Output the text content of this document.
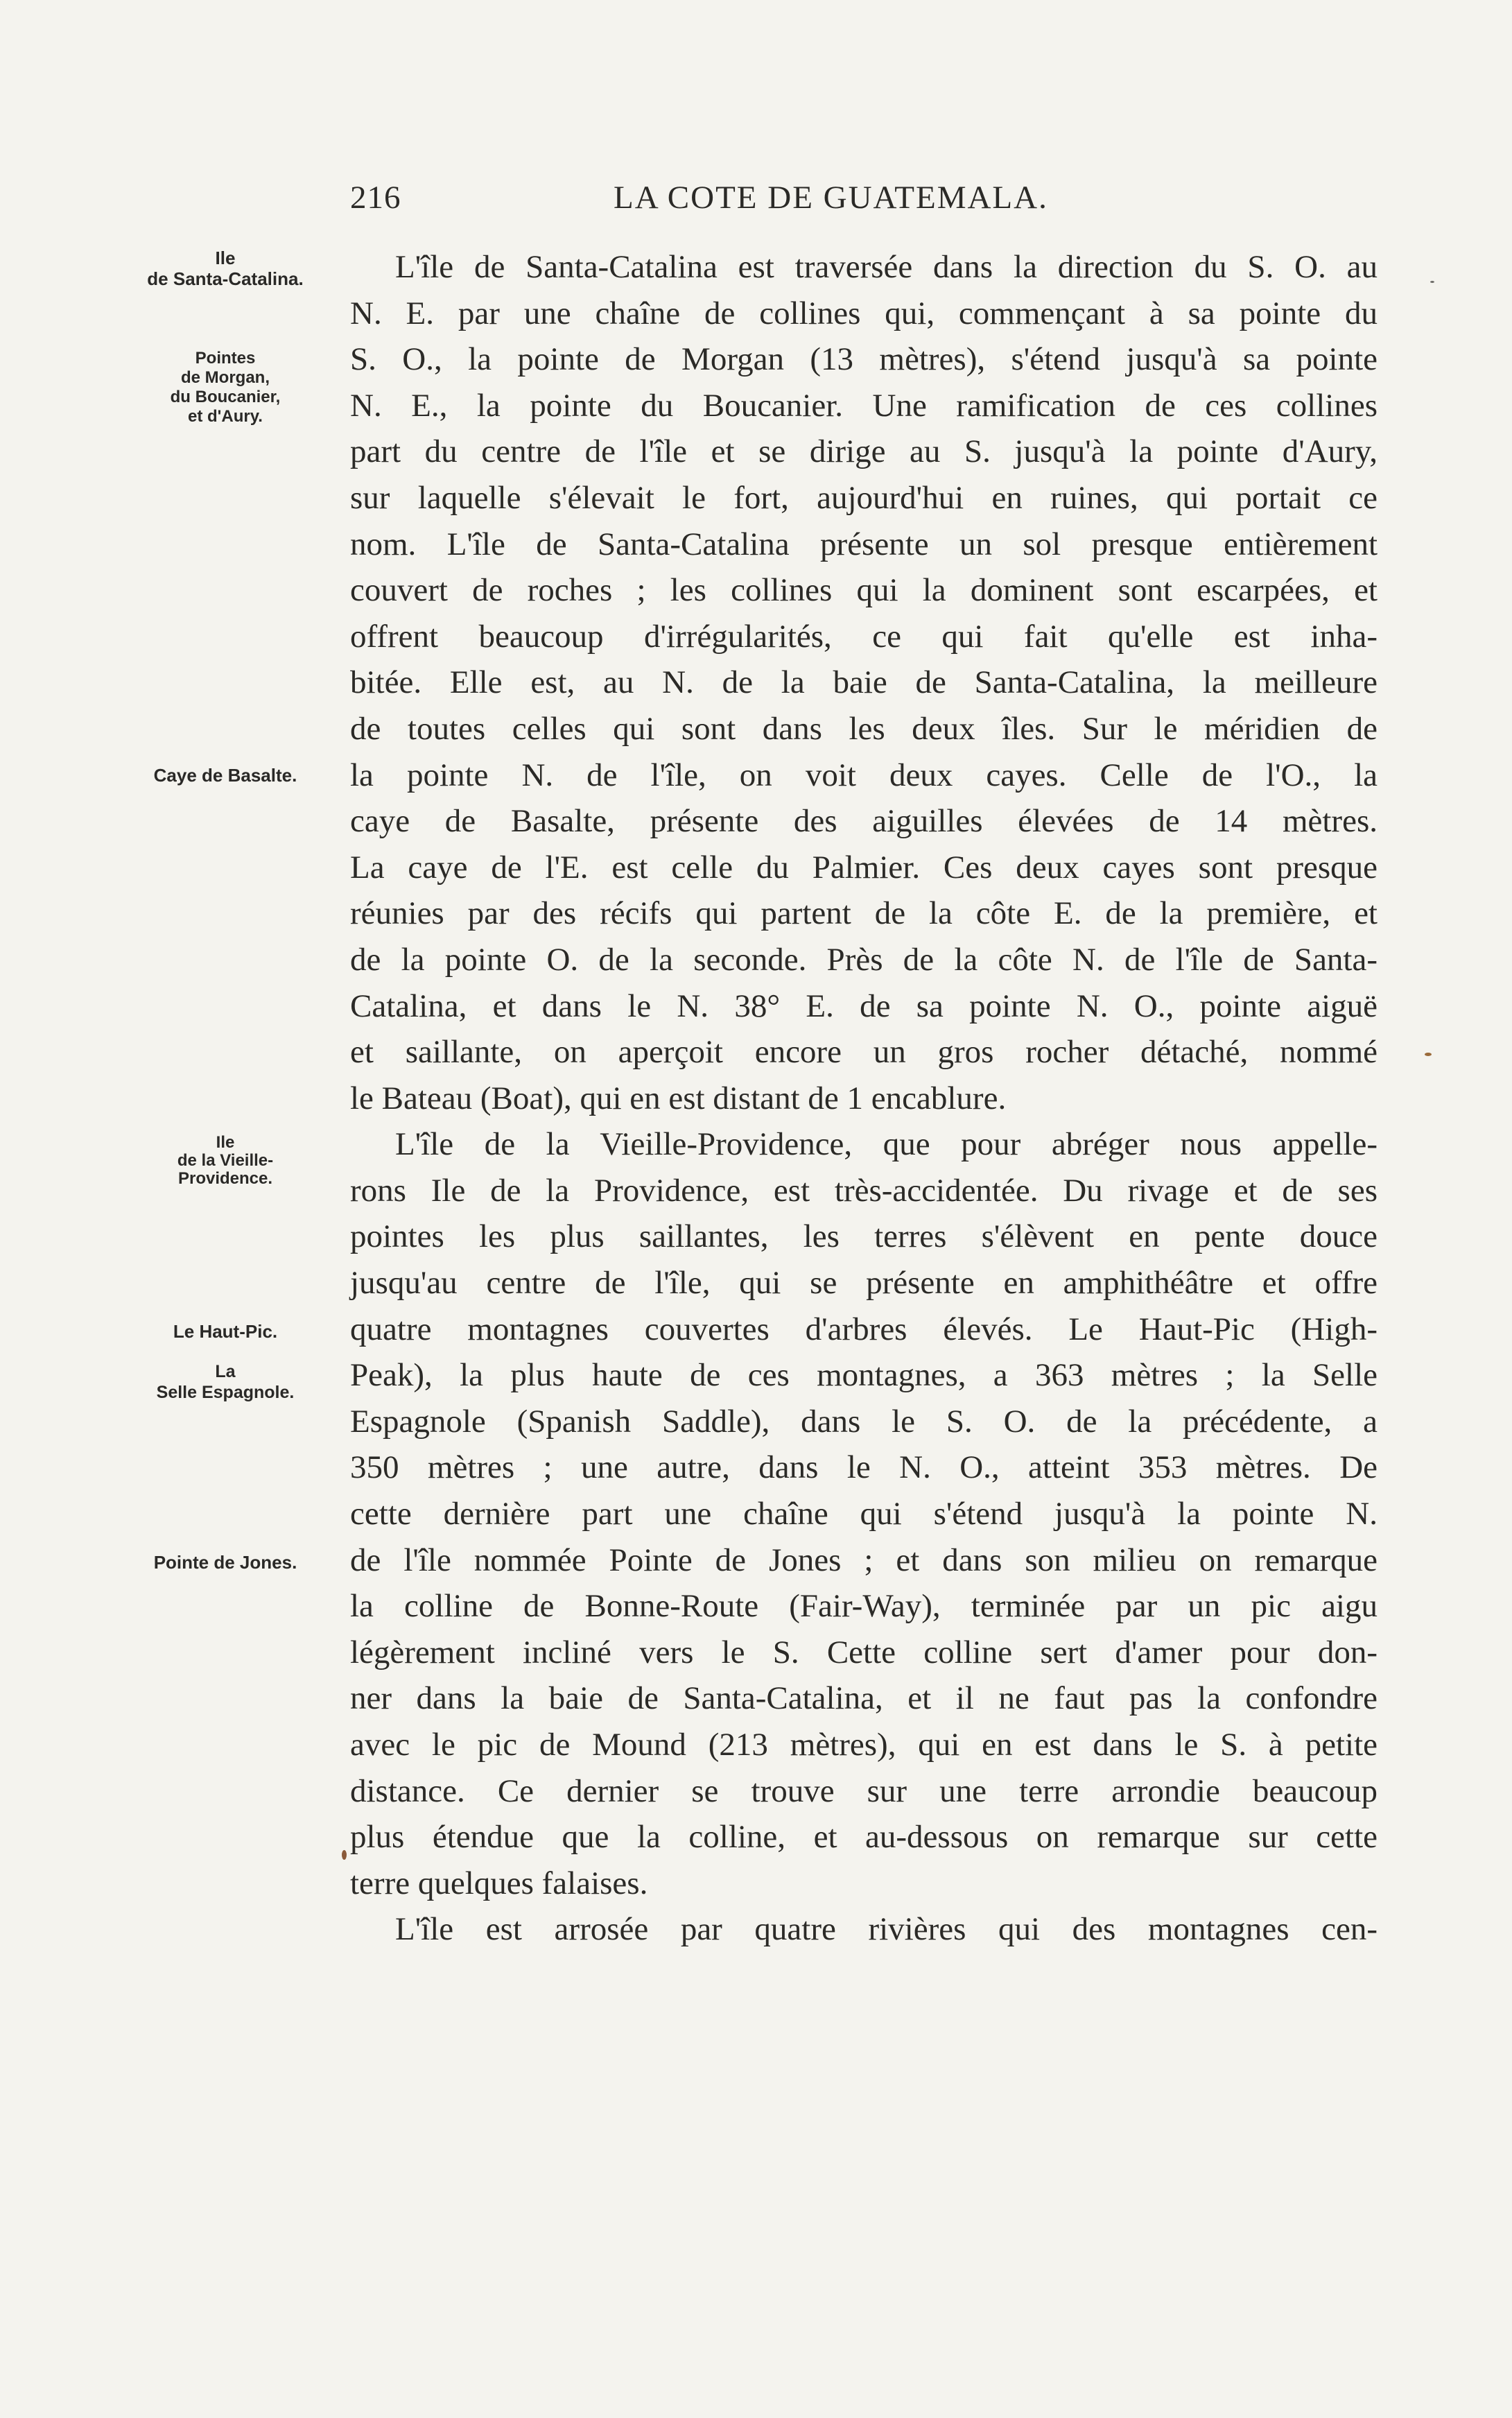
216	LA COTE DE GUATEMALA.
Ile
de Santa-Catalina.
Pointes
de Morgan,
du Boucanier,
et d'Aury.
Caye de Basalte.
Ile
de la Vieille-
Providence.
Le Haut-Pic.
La
Selle Espagnole.
Pointe de Jones.
L'île de Santa-Catalina est traversée dans la direction du S. O. au
N. E. par une chaîne de collines qui, commençant à sa pointe du
S. O., la pointe de Morgan (13 mètres), s'étend jusqu'à sa pointe
N. E., la pointe du Boucanier. Une ramification de ces collines
part du centre de l'île et se dirige au S. jusqu'à la pointe d'Aury,
sur laquelle s'élevait le fort, aujourd'hui en ruines, qui portait ce
nom. L'île de Santa-Catalina présente un sol presque entièrement
couvert de roches ; les collines qui la dominent sont escarpées, et
offrent beaucoup d'irrégularités, ce qui fait qu'elle est inha-
bitée. Elle est, au N. de la baie de Santa-Catalina, la meilleure
de toutes celles qui sont dans les deux îles. Sur le méridien de
la pointe N. de l'île, on voit deux cayes. Celle de l'O., la
caye de Basalte, présente des aiguilles élevées de 14 mètres.
La caye de l'E. est celle du Palmier. Ces deux cayes sont presque
réunies par des récifs qui partent de la côte E. de la première, et
de la pointe O. de la seconde. Près de la côte N. de l'île de Santa-
Catalina, et dans le N. 38° E. de sa pointe N. O., pointe aiguë
et saillante, on aperçoit encore un gros rocher détaché, nommé
le Bateau (Boat), qui en est distant de 1 encablure.
L'île de la Vieille-Providence, que pour abréger nous appelle-
rons Ile de la Providence, est très-accidentée. Du rivage et de ses
pointes les plus saillantes, les terres s'élèvent en pente douce
jusqu'au centre de l'île, qui se présente en amphithéâtre et offre
quatre montagnes couvertes d'arbres élevés. Le Haut-Pic (High-
Peak), la plus haute de ces montagnes, a 363 mètres ; la Selle
Espagnole (Spanish Saddle), dans le S. O. de la précédente, a
350 mètres ; une autre, dans le N. O., atteint 353 mètres. De
cette dernière part une chaîne qui s'étend jusqu'à la pointe N.
de l'île nommée Pointe de Jones ; et dans son milieu on remarque
la colline de Bonne-Route (Fair-Way), terminée par un pic aigu
légèrement incliné vers le S. Cette colline sert d'amer pour don-
ner dans la baie de Santa-Catalina, et il ne faut pas la confondre
avec le pic de Mound (213 mètres), qui en est dans le S. à petite
distance. Ce dernier se trouve sur une terre arrondie beaucoup
plus étendue que la colline, et au-dessous on remarque sur cette
terre quelques falaises.
L'île est arrosée par quatre rivières qui des montagnes cen-
